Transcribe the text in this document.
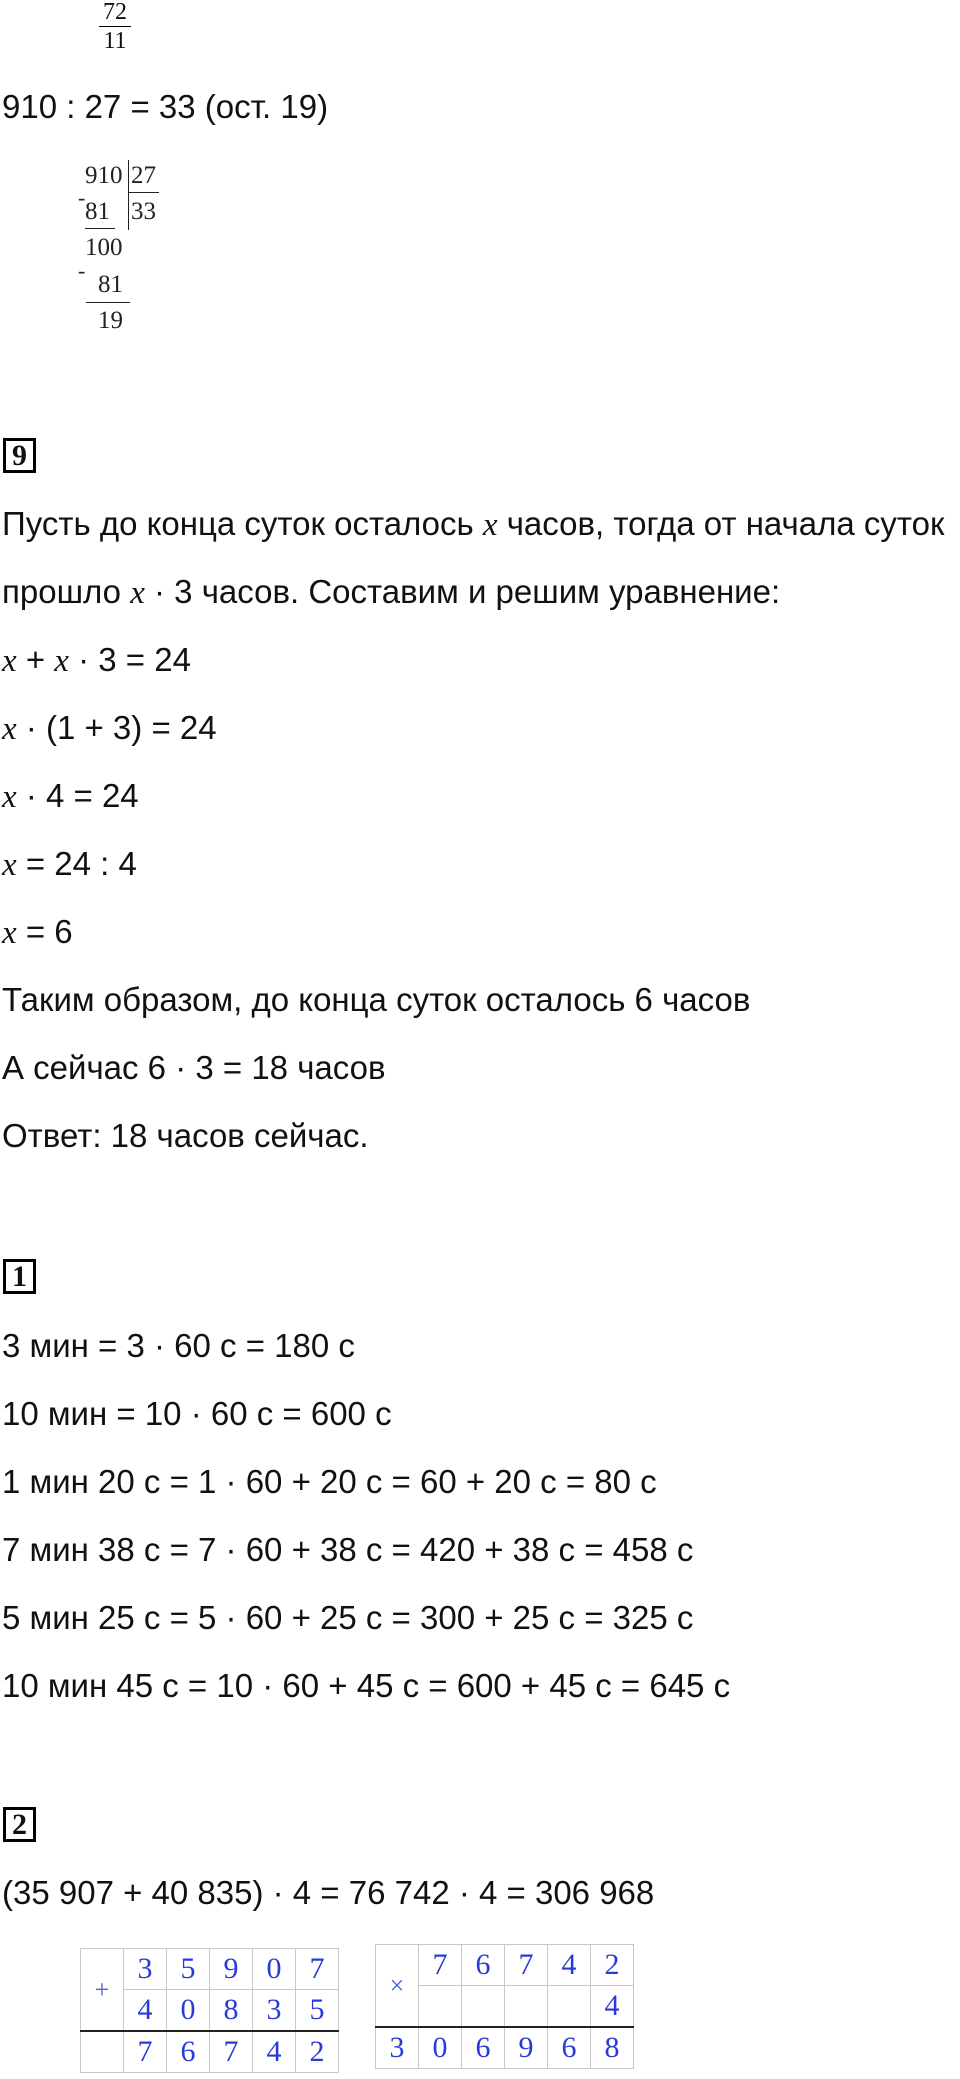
72
11
910 : 27 = 33 (ост. 19)
910 27
-
81 33
100
-
81
19
9
Пусть до конца суток осталось x часов, тогда от начала суток
прошло x · 3 часов. Составим и решим уравнение:
x + x · 3 = 24
x · (1 + 3) = 24
x · 4 = 24
x = 24 : 4
x = 6
Таким образом, до конца суток осталось 6 часов
А сейчас 6 · 3 = 18 часов
Ответ: 18 часов сейчас.
1
3 мин = 3 · 60 с = 180 с
10 мин = 10 · 60 с = 600 с
1 мин 20 с = 1 · 60 + 20 с = 60 + 20 с = 80 с
7 мин 38 с = 7 · 60 + 38 с = 420 + 38 с = 458 с
5 мин 25 с = 5 · 60 + 25 с = 300 + 25 с = 325 с
10 мин 45 с = 10 · 60 + 45 с = 600 + 45 с = 645 с
2
(35 907 + 40 835) · 4 = 76 742 · 4 = 306 968
+	3	5	9	0	7
	4	0	8	3	5
	7	6	7	4	2
×	7	6	7	4	2
					4
3	0	6	9	6	8
